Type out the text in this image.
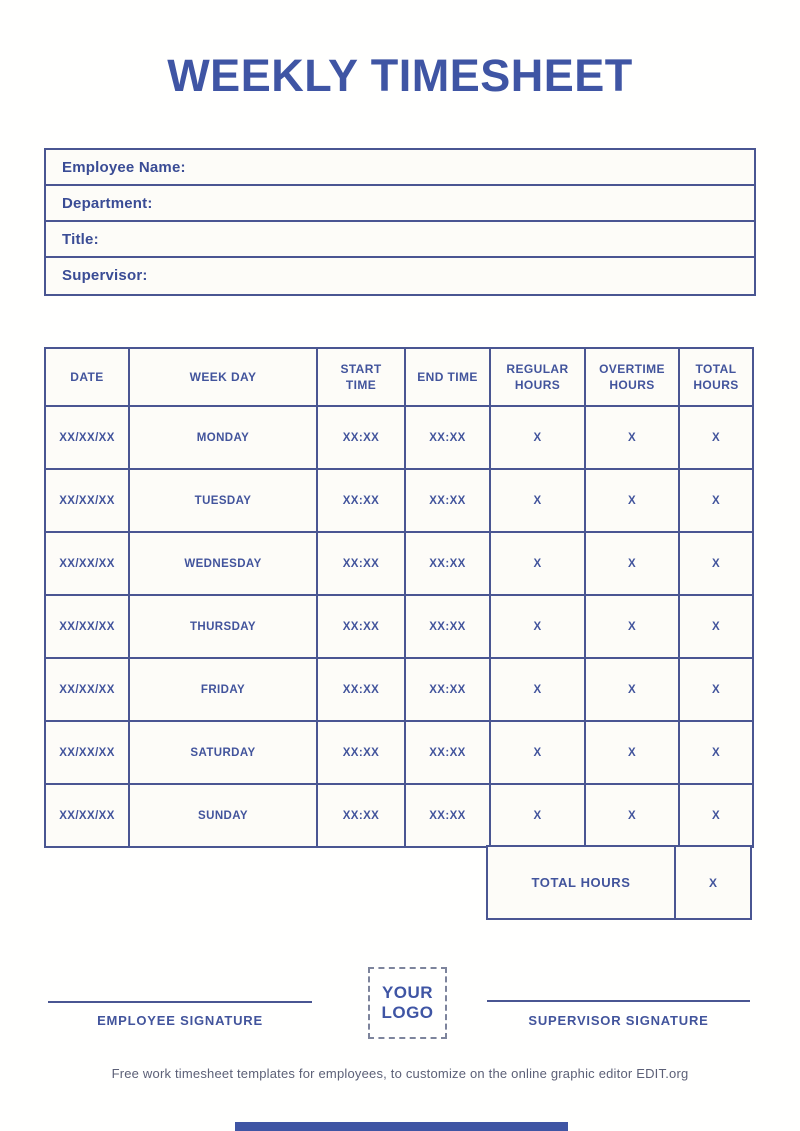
WEEKLY TIMESHEET
Employee Name:
Department:
Title:
Supervisor:
DATE	WEEK DAY	START TIME	END TIME	REGULAR HOURS	OVERTIME HOURS	TOTAL HOURS
XX/XX/XX	MONDAY	XX:XX	XX:XX	X	X	X
XX/XX/XX	TUESDAY	XX:XX	XX:XX	X	X	X
XX/XX/XX	WEDNESDAY	XX:XX	XX:XX	X	X	X
XX/XX/XX	THURSDAY	XX:XX	XX:XX	X	X	X
XX/XX/XX	FRIDAY	XX:XX	XX:XX	X	X	X
XX/XX/XX	SATURDAY	XX:XX	XX:XX	X	X	X
XX/XX/XX	SUNDAY	XX:XX	XX:XX	X	X	X
TOTAL HOURS	X
EMPLOYEE SIGNATURE
YOUR
LOGO	SUPERVISOR SIGNATURE
Free work timesheet templates for employees, to customize on the online graphic editor EDIT.org
